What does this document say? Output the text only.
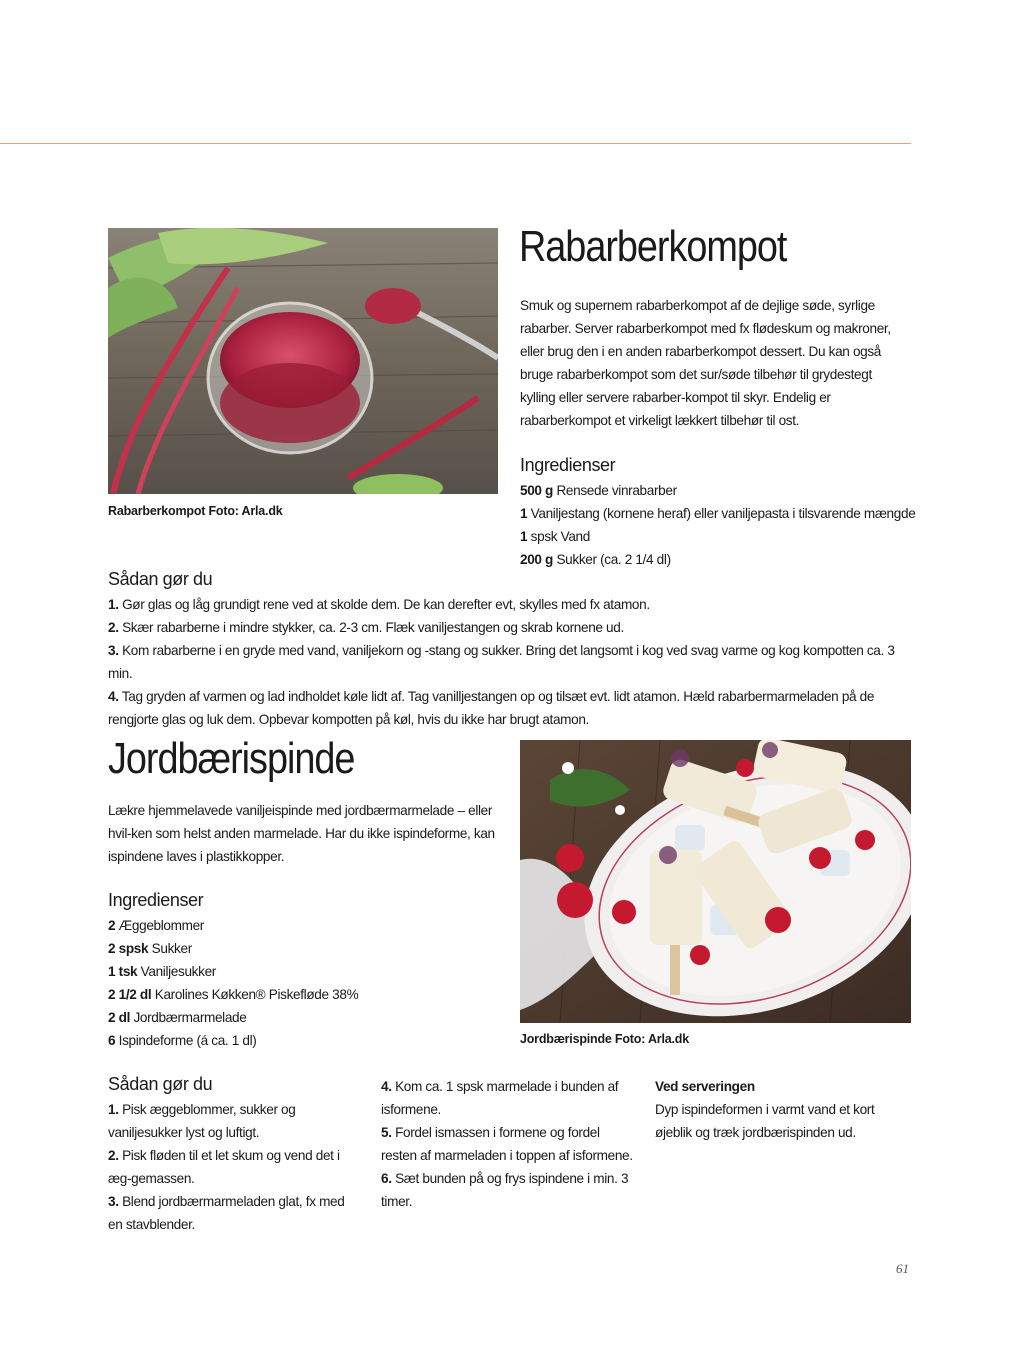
Rabarberkompot Foto: Arla.dk
Rabarberkompot

Smuk og supernem rabarberkompot af de dejlige søde, syrlige rabarber. Server rabarberkompot med fx flødeskum og makroner, eller brug den i en anden rabarberkompot dessert. Du kan også bruge rabarberkompot som det sur/søde tilbehør til grydestegt kylling eller servere rabarber-kompot til skyr. Endelig er rabarberkompot et virkeligt lækkert tilbehør til ost.

Ingredienser
500 g Rensede vinrabarber
1 Vaniljestang (kornene heraf) eller vaniljepasta i tilsvarende mængde
1 spsk Vand
200 g Sukker (ca. 2 1/4 dl)
Sådan gør du
1. Gør glas og låg grundigt rene ved at skolde dem. De kan derefter evt, skylles med fx atamon.
2. Skær rabarberne i mindre stykker, ca. 2-3 cm. Flæk vaniljestangen og skrab kornene ud.
3. Kom rabarberne i en gryde med vand, vaniljekorn og -stang og sukker. Bring det langsomt i kog ved svag varme og kog kompotten ca. 3 min.
4. Tag gryden af varmen og lad indholdet køle lidt af. Tag vanilljestangen op og tilsæt evt. lidt atamon. Hæld rabarbermarmeladen på de rengjorte glas og luk dem. Opbevar kompotten på køl, hvis du ikke har brugt atamon.
Jordbærispinde

Lækre hjemmelavede vaniljeispinde med jordbærmarmelade – eller hvil-ken som helst anden marmelade. Har du ikke ispindeforme, kan ispindene laves i plastikkopper.

Ingredienser
2 Æggeblommer
2 spsk Sukker
1 tsk Vaniljesukker
2 1/2 dl Karolines Køkken® Piskefløde 38%
2 dl Jordbærmarmelade
6 Ispindeforme (á ca. 1 dl)	Jordbærispinde Foto: Arla.dk
Sådan gør du
1. Pisk æggeblommer, sukker og vaniljesukker lyst og luftigt.
2. Pisk fløden til et let skum og vend det i æg-gemassen.
3. Blend jordbærmarmeladen glat, fx med en stavblender.
4. Kom ca. 1 spsk marmelade i bunden af isformene.
5. Fordel ismassen i formene og fordel resten af marmeladen i toppen af isformene.
6. Sæt bunden på og frys ispindene i min. 3 timer.

Ved serveringen

Dyp ispindeformen i varmt vand et kort øjeblik og træk jordbærispinden ud.

61
